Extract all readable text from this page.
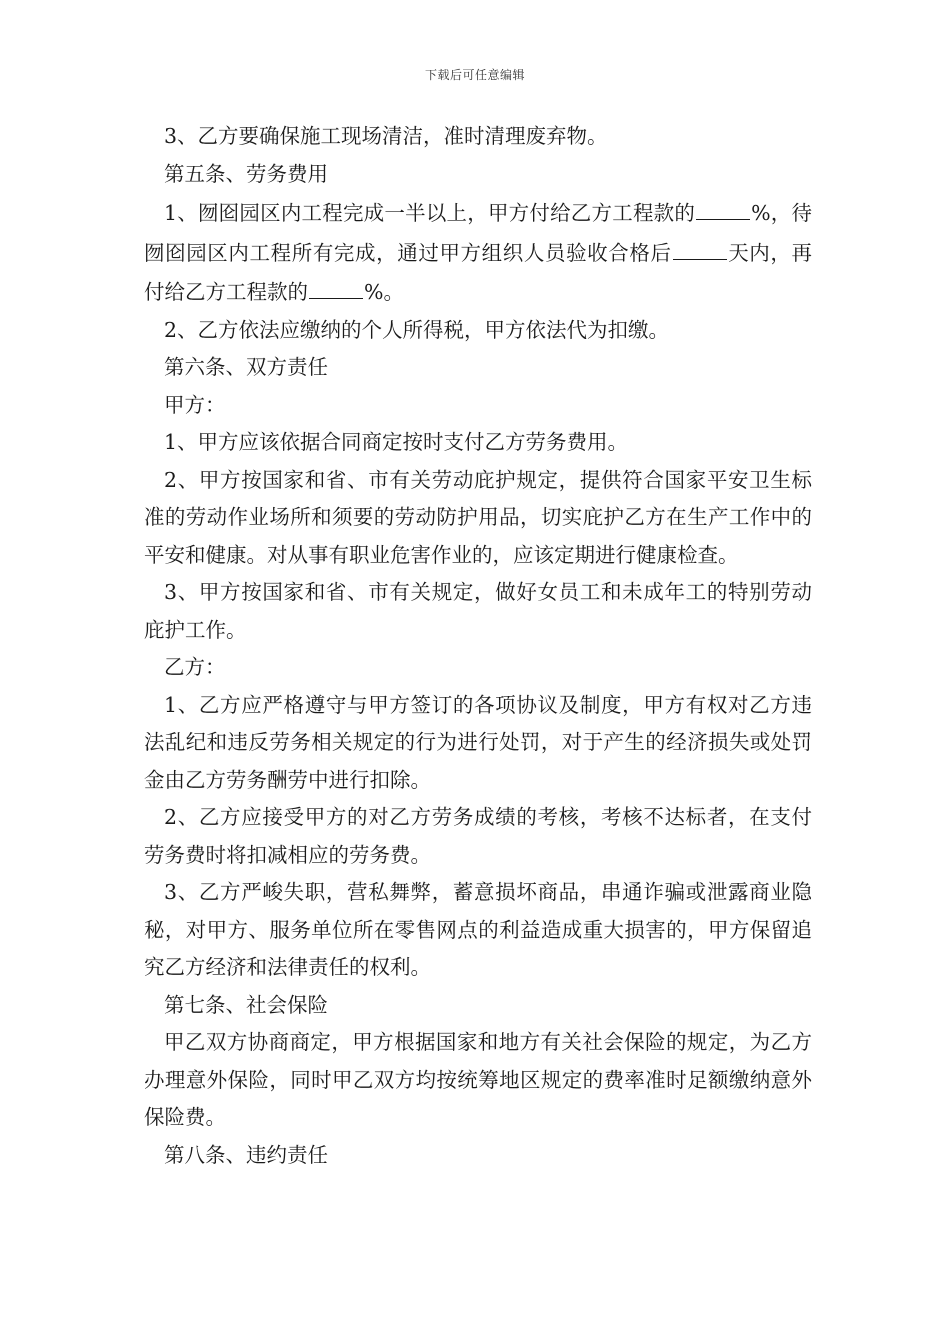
下载后可任意编辑

3、乙方要确保施工现场清洁，准时清理废弃物。

第五条、劳务费用

1、囫囵园区内工程完成一半以上，甲方付给乙方工程款的	%，待囫囵园区内工程所有完成，通过甲方组织人员验收合格后	天内，再付给乙方工程款的	%。

2、乙方依法应缴纳的个人所得税，甲方依法代为扣缴。

第六条、双方责任

甲方：

1、甲方应该依据合同商定按时支付乙方劳务费用。

2、甲方按国家和省、市有关劳动庇护规定，提供符合国家平安卫生标准的劳动作业场所和须要的劳动防护用品，切实庇护乙方在生产工作中的平安和健康。对从事有职业危害作业的，应该定期进行健康检查。

3、甲方按国家和省、市有关规定，做好女员工和未成年工的特别劳动庇护工作。

乙方：

1、乙方应严格遵守与甲方签订的各项协议及制度，甲方有权对乙方违法乱纪和违反劳务相关规定的行为进行处罚，对于产生的经济损失或处罚金由乙方劳务酬劳中进行扣除。

2、乙方应接受甲方的对乙方劳务成绩的考核，考核不达标者，在支付劳务费时将扣减相应的劳务费。

3、乙方严峻失职，营私舞弊，蓄意损坏商品，串通诈骗或泄露商业隐秘，对甲方、服务单位所在零售网点的利益造成重大损害的，甲方保留追究乙方经济和法律责任的权利。

第七条、社会保险

甲乙双方协商商定，甲方根据国家和地方有关社会保险的规定，为乙方办理意外保险，同时甲乙双方均按统筹地区规定的费率准时足额缴纳意外保险费。

第八条、违约责任
